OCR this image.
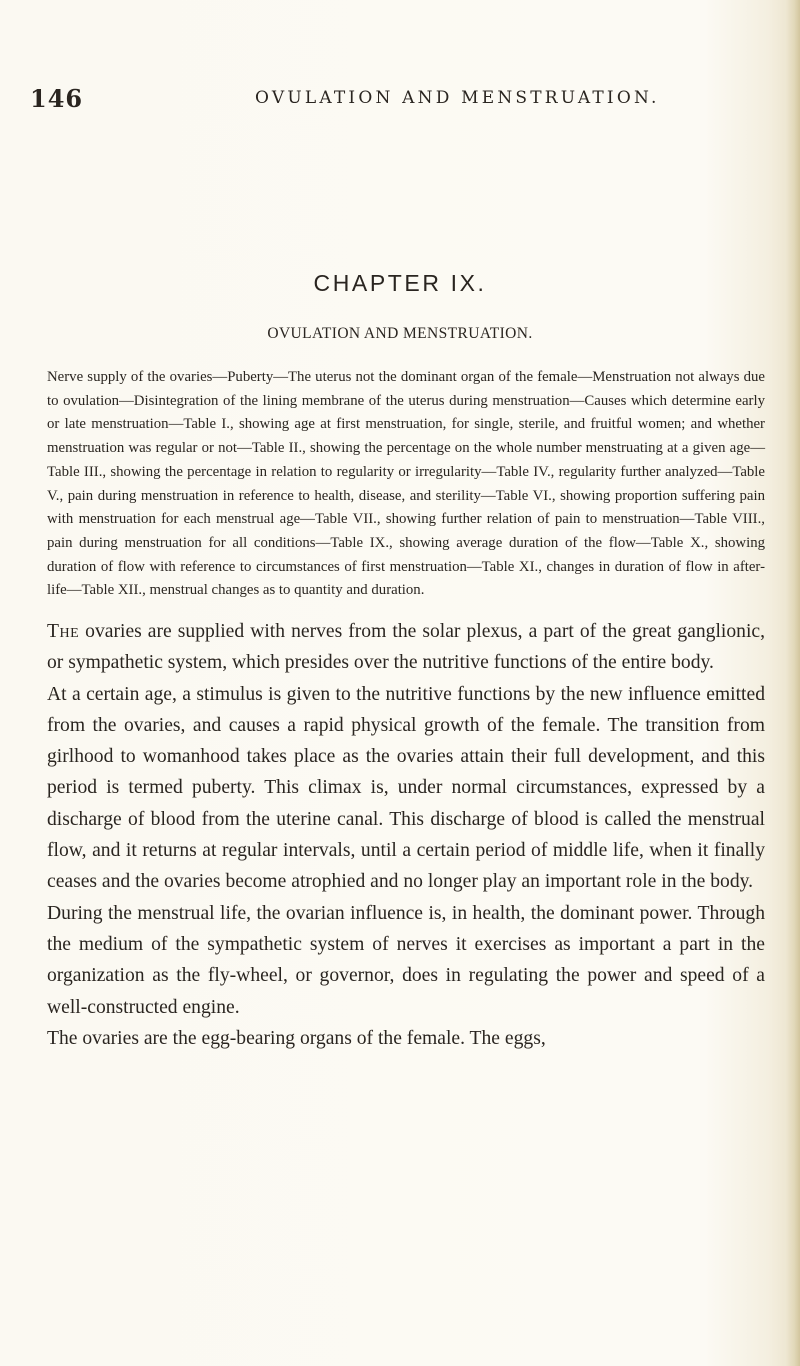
146	OVULATION AND MENSTRUATION.
CHAPTER IX.
OVULATION AND MENSTRUATION.

Nerve supply of the ovaries—Puberty—The uterus not the dominant organ of the female—Menstruation not always due to ovulation—Disintegration of the lining membrane of the uterus during menstruation—Causes which determine early or late menstruation—Table I., showing age at first menstruation, for single, sterile, and fruitful women; and whether menstruation was regular or not—Table II., showing the percentage on the whole number menstruating at a given age—Table III., showing the percentage in relation to regularity or irregularity—Table IV., regularity further analyzed—Table V., pain during menstruation in reference to health, disease, and sterility—Table VI., showing proportion suffering pain with menstruation for each menstrual age—Table VII., showing further relation of pain to menstruation—Table VIII., pain during menstruation for all conditions—Table IX., showing average duration of the flow—Table X., showing duration of flow with reference to circumstances of first menstruation—Table XI., changes in duration of flow in after-life—Table XII., menstrual changes as to quantity and duration.

The ovaries are supplied with nerves from the solar plexus, a part of the great ganglionic, or sympathetic system, which presides over the nutritive functions of the entire body.

At a certain age, a stimulus is given to the nutritive functions by the new influence emitted from the ovaries, and causes a rapid physical growth of the female. The transition from girlhood to womanhood takes place as the ovaries attain their full development, and this period is termed puberty. This climax is, under normal circumstances, expressed by a discharge of blood from the uterine canal. This discharge of blood is called the menstrual flow, and it returns at regular intervals, until a certain period of middle life, when it finally ceases and the ovaries become atrophied and no longer play an important role in the body.

During the menstrual life, the ovarian influence is, in health, the dominant power. Through the medium of the sympathetic system of nerves it exercises as important a part in the organization as the fly-wheel, or governor, does in regulating the power and speed of a well-constructed engine.

The ovaries are the egg-bearing organs of the female. The eggs,
